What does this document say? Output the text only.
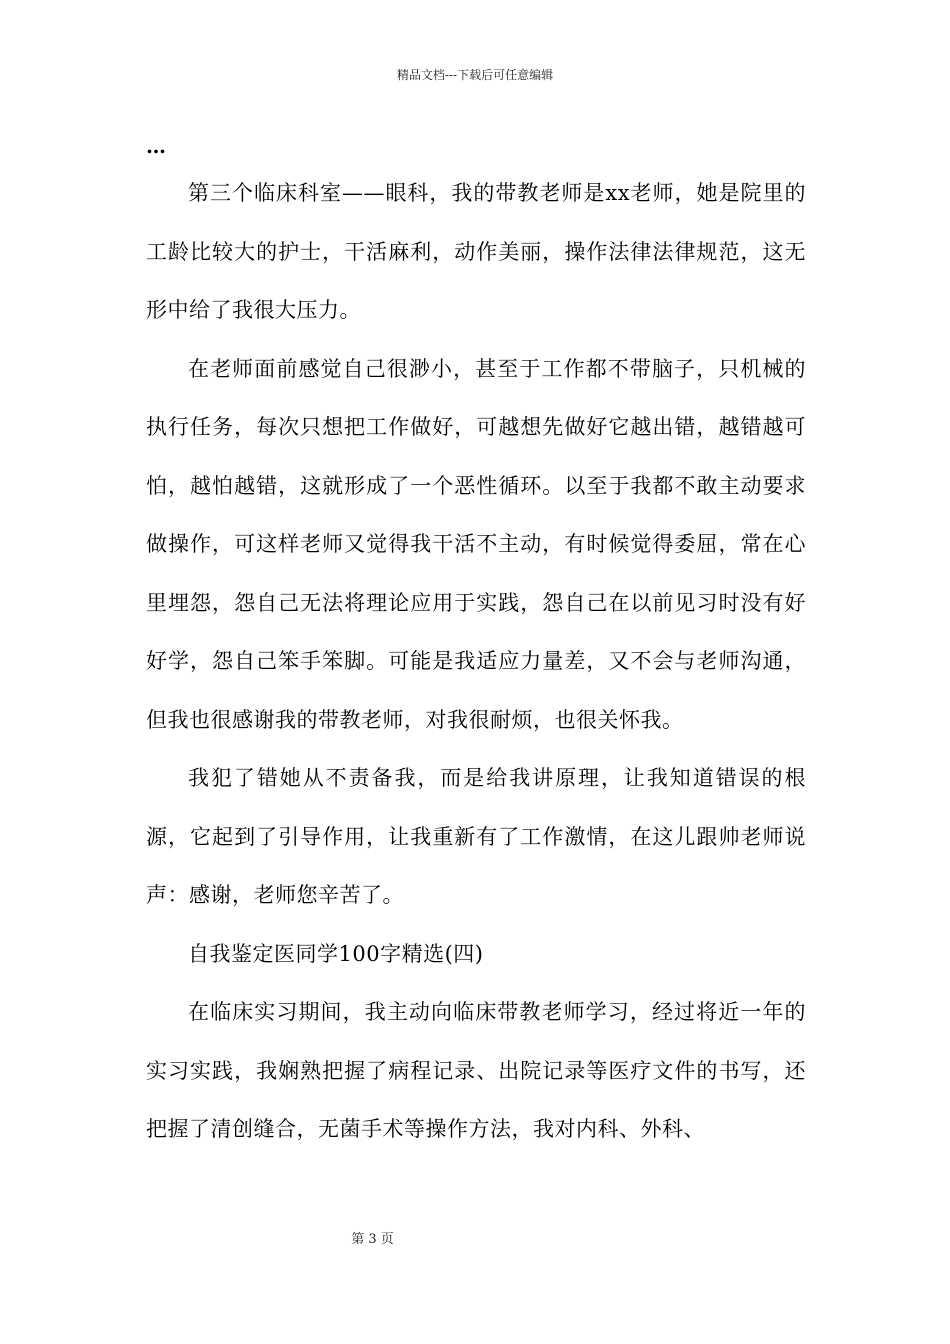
精品文档---下载后可任意编辑
…

第三个临床科室——眼科，我的带教老师是xx老师，她是院里的工龄比较大的护士，干活麻利，动作美丽，操作法律法律规范，这无形中给了我很大压力。

在老师面前感觉自己很渺小，甚至于工作都不带脑子，只机械的执行任务，每次只想把工作做好，可越想先做好它越出错，越错越可怕，越怕越错，这就形成了一个恶性循环。以至于我都不敢主动要求做操作，可这样老师又觉得我干活不主动，有时候觉得委屈，常在心里埋怨，怨自己无法将理论应用于实践，怨自己在以前见习时没有好好学，怨自己笨手笨脚。可能是我适应力量差，又不会与老师沟通，但我也很感谢我的带教老师，对我很耐烦，也很关怀我。

我犯了错她从不责备我，而是给我讲原理，让我知道错误的根源，它起到了引导作用，让我重新有了工作激情，在这儿跟帅老师说声：感谢，老师您辛苦了。

自我鉴定医同学100字精选(四)

在临床实习期间，我主动向临床带教老师学习，经过将近一年的实习实践，我娴熟把握了病程记录、出院记录等医疗文件的书写，还把握了清创缝合，无菌手术等操作方法，我对内科、外科、

第 3 页
